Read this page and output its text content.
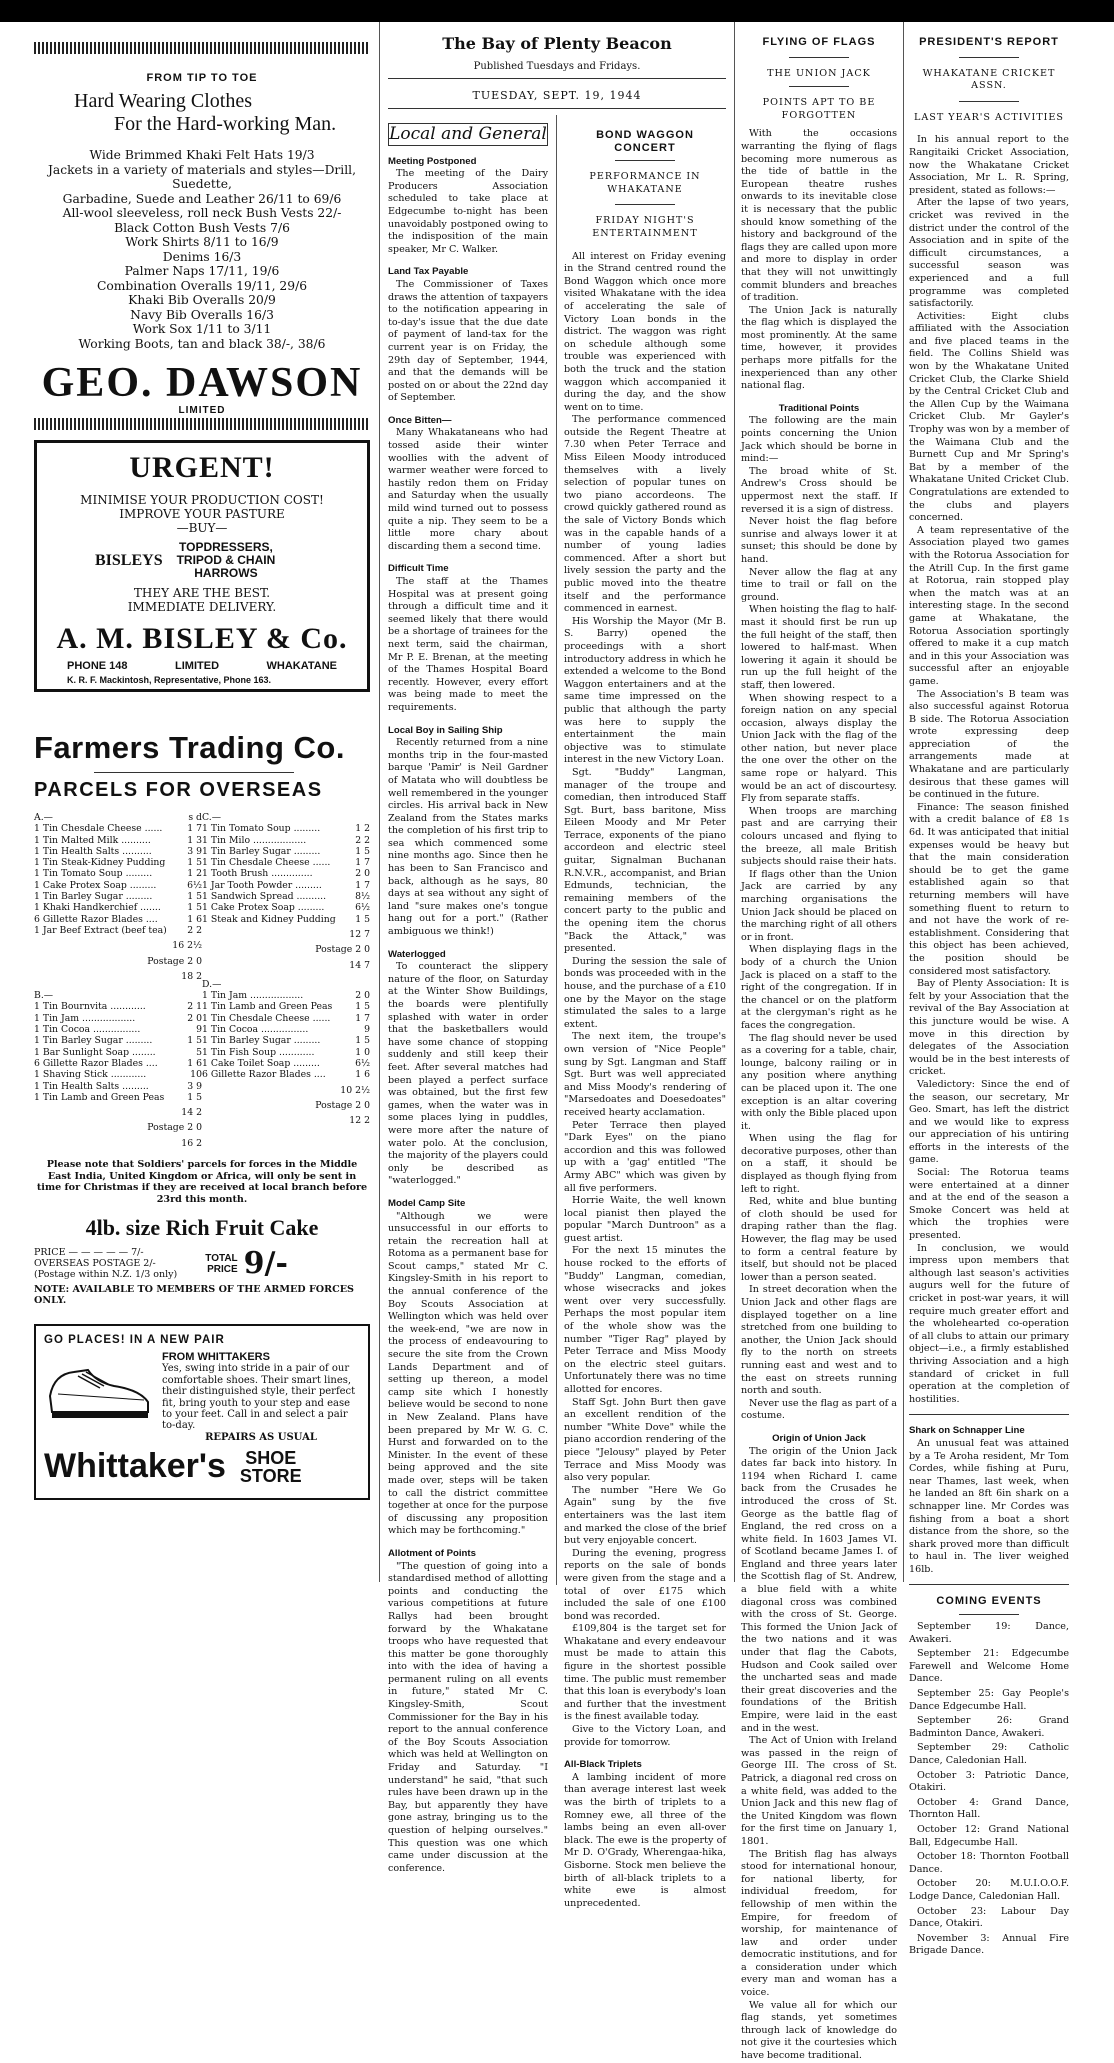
FROM TIP TO TOE
Hard Wearing Clothes
For the Hard-working Man.
Wide Brimmed Khaki Felt Hats 19/3
Jackets in a variety of materials and styles—Drill, Suedette,
Garbadine, Suede and Leather 26/11 to 69/6
All-wool sleeveless, roll neck Bush Vests 22/-
Black Cotton Bush Vests 7/6
Work Shirts 8/11 to 16/9
Denims 16/3
Palmer Naps 17/11, 19/6
Combination Overalls 19/11, 29/6
Khaki Bib Overalls 20/9
Navy Bib Overalls 16/3
Work Sox 1/11 to 3/11
Working Boots, tan and black 38/-, 38/6
GEO. DAWSON
LIMITED
URGENT!
MINIMISE YOUR PRODUCTION COST!
IMPROVE YOUR PASTURE
—BUY—
BISLEYS
TOPDRESSERS,
TRIPOD & CHAIN
HARROWS
THEY ARE THE BEST.
IMMEDIATE DELIVERY.
A. M. BISLEY & Co.
PHONE 148	LIMITED	WHAKATANE
K. R. F. Mackintosh, Representative, Phone 163.
Farmers Trading Co.
PARCELS FOR OVERSEAS
A.—	s d
1 Tin Chesdale Cheese ......	1 7
1 Tin Malted Milk ..........	1 3
1 Tin Health Salts ..........	3 9
1 Tin Steak-Kidney Pudding 1 5
1 Tin Tomato Soup .........	1 2
1 Cake Protex Soap .........	6½
1 Tin Barley Sugar .........	1 5
1 Khaki Handkerchief .......	1 5
6 Gillette Razor Blades ....	1 6
1 Jar Beef Extract (beef tea) 2 2
16 2½
Postage 2 0
18 2
B.—
1 Tin Bournvita ............	2 1
1 Tin Jam ..................	2 0
1 Tin Cocoa ................	9
1 Tin Barley Sugar .........	1 5
1 Bar Sunlight Soap ........	5
6 Gillette Razor Blades ....	1 6
1 Shaving Stick ............	10
1 Tin Health Salts .........	3 9
1 Tin Lamb and Green Peas 1 5
14 2
Postage 2 0
16 2
C.—
1 Tin Tomato Soup .........	1 2
1 Tin Milo ..................	2 2
1 Tin Barley Sugar .........	1 5
1 Tin Chesdale Cheese ......	1 7
1 Tooth Brush ..............	2 0
1 Jar Tooth Powder .........	1 7
1 Sandwich Spread ..........	8½
1 Cake Protex Soap .........	6½
1 Steak and Kidney Pudding 1 5
12 7
Postage 2 0
14 7
D.—
1 Tin Jam ..................	2 0
1 Tin Lamb and Green Peas 1 5
1 Tin Chesdale Cheese ......	1 7
1 Tin Cocoa ................	9
1 Tin Barley Sugar .........	1 5
1 Tin Fish Soup ............	1 0
1 Cake Toilet Soap .........	6½
6 Gillette Razor Blades ....	1 6
10 2½
Postage 2 0
12 2
Please note that Soldiers' parcels for forces in the Middle East India, United Kingdom or Africa, will only be sent in time for Christmas if they are received at local branch before 23rd this month.
4lb. size Rich Fruit Cake
PRICE — — — — — 7/-
OVERSEAS POSTAGE 2/-
(Postage within N.Z. 1/3 only)
TOTAL
PRICE 9/-
NOTE: AVAILABLE TO MEMBERS OF THE ARMED FORCES ONLY.
GO PLACES! IN A NEW PAIR
FROM WHITTAKERS
Yes, swing into stride in a pair of our comfortable shoes. Their smart lines, their distinguished style, their perfect fit, bring youth to your step and ease to your feet. Call in and select a pair to-day.
REPAIRS AS USUAL
Whittaker's SHOE
STORE
The Bay of Plenty Beacon
Published Tuesdays and Fridays.
TUESDAY, SEPT. 19, 1944
Local and General
Meeting Postponed

The meeting of the Dairy Producers Association scheduled to take place at Edgecumbe to-night has been unavoidably postponed owing to the indisposition of the main speaker, Mr C. Walker.

Land Tax Payable

The Commissioner of Taxes draws the attention of taxpayers to the notification appearing in to-day's issue that the due date of payment of land-tax for the current year is on Friday, the 29th day of September, 1944, and that the demands will be posted on or about the 22nd day of September.

Once Bitten—

Many Whakataneans who had tossed aside their winter woollies with the advent of warmer weather were forced to hastily redon them on Friday and Saturday when the usually mild wind turned out to possess quite a nip. They seem to be a little more chary about discarding them a second time.

Difficult Time

The staff at the Thames Hospital was at present going through a difficult time and it seemed likely that there would be a shortage of trainees for the next term, said the chairman, Mr P. E. Brenan, at the meeting of the Thames Hospital Board recently. However, every effort was being made to meet the requirements.

Local Boy in Sailing Ship

Recently returned from a nine months trip in the four-masted barque 'Pamir' is Neil Gardner of Matata who will doubtless be well remembered in the younger circles. His arrival back in New Zealand from the States marks the completion of his first trip to sea which commenced some nine months ago. Since then he has been to San Francisco and back, although as he says, 80 days at sea without any sight of land "sure makes one's tongue hang out for a port." (Rather ambiguous we think!)

Waterlogged

To counteract the slippery nature of the floor, on Saturday at the Winter Show Buildings, the boards were plentifully splashed with water in order that the basketballers would have some chance of stopping suddenly and still keep their feet. After several matches had been played a perfect surface was obtained, but the first few games, when the water was in some places lying in puddles, were more after the nature of water polo. At the conclusion, the majority of the players could only be described as "waterlogged."

Model Camp Site

"Although we were unsuccessful in our efforts to retain the recreation hall at Rotoma as a permanent base for Scout camps," stated Mr C. Kingsley-Smith in his report to the annual conference of the Boy Scouts Association at Wellington which was held over the week-end, "we are now in the process of endeavouring to secure the site from the Crown Lands Department and of setting up thereon, a model camp site which I honestly believe would be second to none in New Zealand. Plans have been prepared by Mr W. G. C. Hurst and forwarded on to the Minister. In the event of these being approved and the site made over, steps will be taken to call the district committee together at once for the purpose of discussing any proposition which may be forthcoming."

Allotment of Points

"The question of going into a standardised method of allotting points and conducting the various competitions at future Rallys had been brought forward by the Whakatane troops who have requested that this matter be gone thoroughly into with the idea of having a permanent ruling on all events in future," stated Mr C. Kingsley-Smith, Scout Commissioner for the Bay in his report to the annual conference of the Boy Scouts Association which was held at Wellington on Friday and Saturday. "I understand" he said, "that such rules have been drawn up in the Bay, but apparently they have gone astray, bringing us to the question of helping ourselves." This question was one which came under discussion at the conference.

BOND WAGGON CONCERT
PERFORMANCE IN WHAKATANE
FRIDAY NIGHT'S ENTERTAINMENT

All interest on Friday evening in the Strand centred round the Bond Waggon which once more visited Whakatane with the idea of accelerating the sale of Victory Loan bonds in the district. The waggon was right on schedule although some trouble was experienced with both the truck and the station waggon which accompanied it during the day, and the show went on to time.

The performance commenced outside the Regent Theatre at 7.30 when Peter Terrace and Miss Eileen Moody introduced themselves with a lively selection of popular tunes on two piano accordeons. The crowd quickly gathered round as the sale of Victory Bonds which was in the capable hands of a number of young ladies commenced. After a short but lively session the party and the public moved into the theatre itself and the performance commenced in earnest.

His Worship the Mayor (Mr B. S. Barry) opened the proceedings with a short introductory address in which he extended a welcome to the Bond Waggon entertainers and at the same time impressed on the public that although the party was here to supply the entertainment the main objective was to stimulate interest in the new Victory Loan.

Sgt. "Buddy" Langman, manager of the troupe and comedian, then introduced Staff Sgt. Burt, bass baritone, Miss Eileen Moody and Mr Peter Terrace, exponents of the piano accordeon and electric steel guitar, Signalman Buchanan R.N.V.R., accompanist, and Brian Edmunds, technician, the remaining members of the concert party to the public and the opening item the chorus "Back the Attack," was presented.

During the session the sale of bonds was proceeded with in the house, and the purchase of a £10 one by the Mayor on the stage stimulated the sales to a large extent.

The next item, the troupe's own version of "Nice People" sung by Sgt. Langman and Staff Sgt. Burt was well appreciated and Miss Moody's rendering of "Marsedoates and Doesedoates" received hearty acclamation.

Peter Terrace then played "Dark Eyes" on the piano accordion and this was followed up with a 'gag' entitled "The Army ABC" which was given by all five performers.

Horrie Waite, the well known local pianist then played the popular "March Duntroon" as a guest artist.

For the next 15 minutes the house rocked to the efforts of "Buddy" Langman, comedian, whose wisecracks and jokes went over very successfully. Perhaps the most popular item of the whole show was the number "Tiger Rag" played by Peter Terrace and Miss Moody on the electric steel guitars. Unfortunately there was no time allotted for encores.

Staff Sgt. John Burt then gave an excellent rendition of the number "White Dove" while the piano accordion rendering of the piece "Jelousy" played by Peter Terrace and Miss Moody was also very popular.

The number "Here We Go Again" sung by the five entertainers was the last item and marked the close of the brief but very enjoyable concert.

During the evening, progress reports on the sale of bonds were given from the stage and a total of over £175 which included the sale of one £100 bond was recorded.

£109,804 is the target set for Whakatane and every endeavour must be made to attain this figure in the shortest possible time. The public must remember that this loan is everybody's loan and further that the investment is the finest available today.

Give to the Victory Loan, and provide for tomorrow.

All-Black Triplets

A lambing incident of more than average interest last week was the birth of triplets to a Romney ewe, all three of the lambs being an even all-over black. The ewe is the property of Mr D. O'Grady, Wherengaa-hika, Gisborne. Stock men believe the birth of all-black triplets to a white ewe is almost unprecedented.

FLYING OF FLAGS
THE UNION JACK
POINTS APT TO BE FORGOTTEN

With the occasions warranting the flying of flags becoming more numerous as the tide of battle in the European theatre rushes onwards to its inevitable close it is necessary that the public should know something of the history and background of the flags they are called upon more and more to display in order that they will not unwittingly commit blunders and breaches of tradition.

The Union Jack is naturally the flag which is displayed the most prominently. At the same time, however, it provides perhaps more pitfalls for the inexperienced than any other national flag.

Traditional Points

The following are the main points concerning the Union Jack which should be borne in mind:—

The broad white of St. Andrew's Cross should be uppermost next the staff. If reversed it is a sign of distress.

Never hoist the flag before sunrise and always lower it at sunset; this should be done by hand.

Never allow the flag at any time to trail or fall on the ground.

When hoisting the flag to half-mast it should first be run up the full height of the staff, then lowered to half-mast. When lowering it again it should be run up the full height of the staff, then lowered.

When showing respect to a foreign nation on any special occasion, always display the Union Jack with the flag of the other nation, but never place the one over the other on the same rope or halyard. This would be an act of discourtesy. Fly from separate staffs.

When troops are marching past and are carrying their colours uncased and flying to the breeze, all male British subjects should raise their hats.

If flags other than the Union Jack are carried by any marching organisations the Union Jack should be placed on the marching right of all others or in front.

When displaying flags in the body of a church the Union Jack is placed on a staff to the right of the congregation. If in the chancel or on the platform at the clergyman's right as he faces the congregation.

The flag should never be used as a covering for a table, chair, lounge, balcony railing or in any position where anything can be placed upon it. The one exception is an altar covering with only the Bible placed upon it.

When using the flag for decorative purposes, other than on a staff, it should be displayed as though flying from left to right.

Red, white and blue bunting of cloth should be used for draping rather than the flag. However, the flag may be used to form a central feature by itself, but should not be placed lower than a person seated.

In street decoration when the Union Jack and other flags are displayed together on a line stretched from one building to another, the Union Jack should fly to the north on streets running east and west and to the east on streets running north and south.

Never use the flag as part of a costume.

Origin of Union Jack

The origin of the Union Jack dates far back into history. In 1194 when Richard I. came back from the Crusades he introduced the cross of St. George as the battle flag of England, the red cross on a white field. In 1603 James VI. of Scotland became James I. of England and three years later the Scottish flag of St. Andrew, a blue field with a white diagonal cross was combined with the cross of St. George. This formed the Union Jack of the two nations and it was under that flag the Cabots, Hudson and Cook sailed over the uncharted seas and made their great discoveries and the foundations of the British Empire, were laid in the east and in the west.

The Act of Union with Ireland was passed in the reign of George III. The cross of St. Patrick, a diagonal red cross on a white field, was added to the Union Jack and this new flag of the United Kingdom was flown for the first time on January 1, 1801.

The British flag has always stood for international honour, for national liberty, for individual freedom, for fellowship of men within the Empire, for freedom of worship, for maintenance of law and order under democratic institutions, and for a consideration under which every man and woman has a voice.

We value all for which our flag stands, yet sometimes through lack of knowledge do not give it the courtesies which have become traditional.

PRESIDENT'S REPORT
WHAKATANE CRICKET ASSN.
LAST YEAR'S ACTIVITIES

In his annual report to the Rangitaiki Cricket Association, now the Whakatane Cricket Association, Mr L. R. Spring, president, stated as follows:—

After the lapse of two years, cricket was revived in the district under the control of the Association and in spite of the difficult circumstances, a successful season was experienced and a full programme was completed satisfactorily.

Activities: Eight clubs affiliated with the Association and five placed teams in the field. The Collins Shield was won by the Whakatane United Cricket Club, the Clarke Shield by the Central Cricket Club and the Allen Cup by the Waimana Cricket Club. Mr Gayler's Trophy was won by a member of the Waimana Club and the Burnett Cup and Mr Spring's Bat by a member of the Whakatane United Cricket Club. Congratulations are extended to the clubs and players concerned.

A team representative of the Association played two games with the Rotorua Association for the Atrill Cup. In the first game at Rotorua, rain stopped play when the match was at an interesting stage. In the second game at Whakatane, the Rotorua Association sportingly offered to make it a cup match and in this your Association was successful after an enjoyable game.

The Association's B team was also successful against Rotorua B side. The Rotorua Association wrote expressing deep appreciation of the arrangements made at Whakatane and are particularly desirous that these games will be continued in the future.

Finance: The season finished with a credit balance of £8 1s 6d. It was anticipated that initial expenses would be heavy but that the main consideration should be to get the game established again so that returning members will have something fluent to return to and not have the work of re-establishment. Considering that this object has been achieved, the position should be considered most satisfactory.

Bay of Plenty Association: It is felt by your Association that the revival of the Bay Association at this juncture would be wise. A move in this direction by delegates of the Association would be in the best interests of cricket.

Valedictory: Since the end of the season, our secretary, Mr Geo. Smart, has left the district and we would like to express our appreciation of his untiring efforts in the interests of the game.

Social: The Rotorua teams were entertained at a dinner and at the end of the season a Smoke Concert was held at which the trophies were presented.

In conclusion, we would impress upon members that although last season's activities augurs well for the future of cricket in post-war years, it will require much greater effort and the wholehearted co-operation of all clubs to attain our primary object—i.e., a firmly established thriving Association and a high standard of cricket in full operation at the completion of hostilities.

Shark on Schnapper Line

An unusual feat was attained by a Te Aroha resident, Mr Tom Cordes, while fishing at Puru, near Thames, last week, when he landed an 8ft 6in shark on a schnapper line. Mr Cordes was fishing from a boat a short distance from the shore, so the shark proved more than difficult to haul in. The liver weighed 16lb.

COMING EVENTS

September 19: Dance, Awakeri.

September 21: Edgecumbe Farewell and Welcome Home Dance.

September 25: Gay People's Dance Edgecumbe Hall.

September 26: Grand Badminton Dance, Awakeri.

September 29: Catholic Dance, Caledonian Hall.

October 3: Patriotic Dance, Otakiri.

October 4: Grand Dance, Thornton Hall.

October 12: Grand National Ball, Edgecumbe Hall.

October 18: Thornton Football Dance.

October 20: M.U.I.O.O.F. Lodge Dance, Caledonian Hall.

October 23: Labour Day Dance, Otakiri.

November 3: Annual Fire Brigade Dance.
